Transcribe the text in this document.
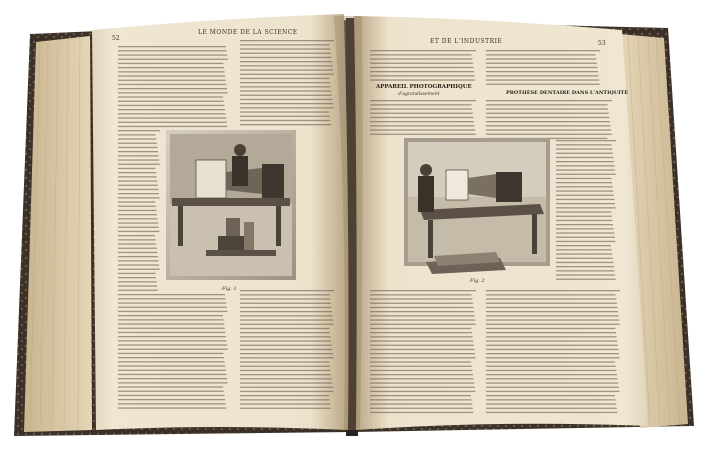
LE MONDE DE LA SCIENCE
52
Fig. 1
ET DE L'INDUSTRIE	53
APPAREIL PHOTOGRAPHIQUE
d'agrandissement	PROTHÈSE DENTAIRE DANS L'ANTIQUITÉ
Fig. 2
